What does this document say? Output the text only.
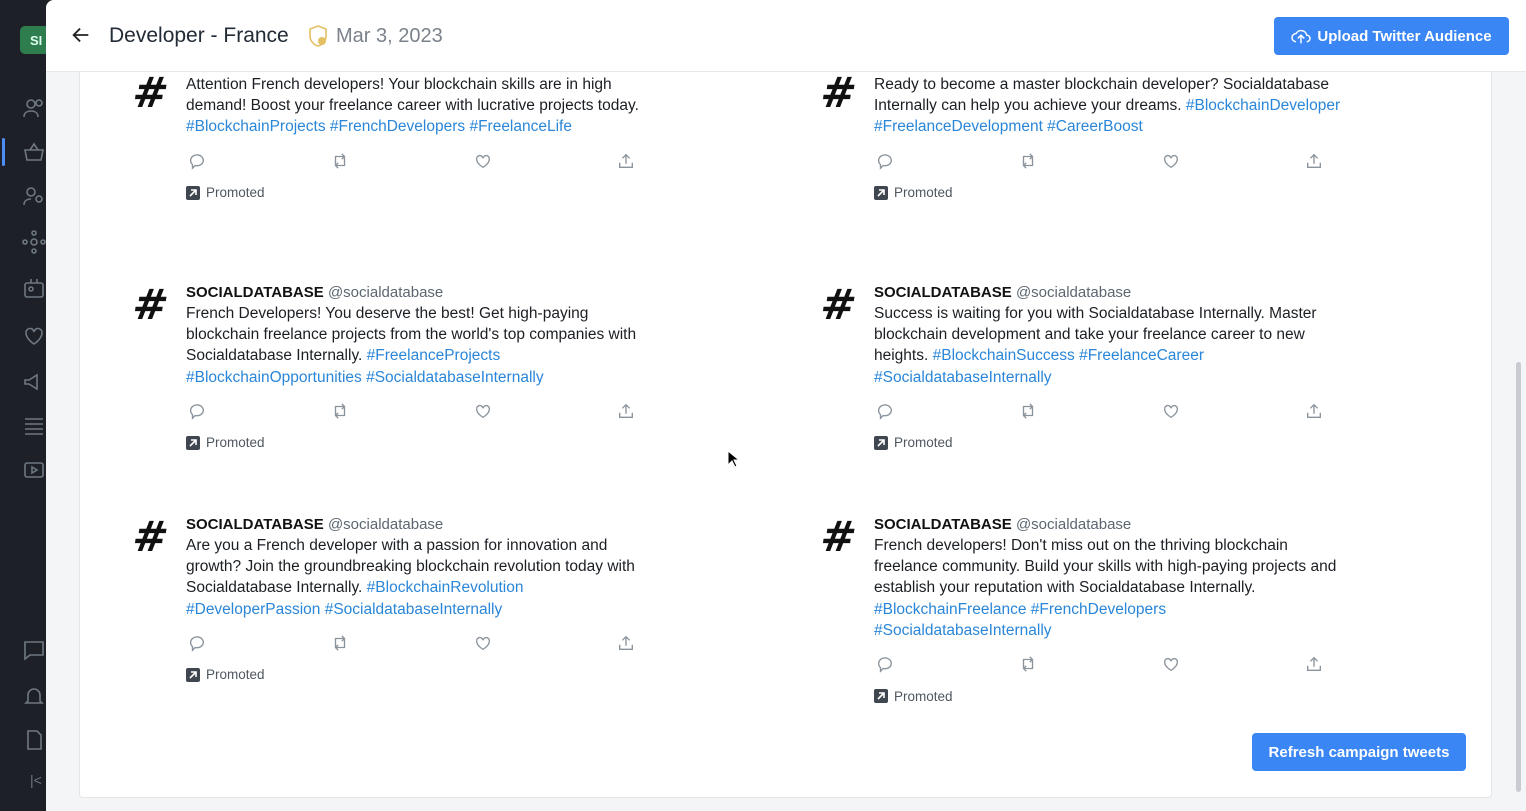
SI
|<
Developer - France Mar 3, 2023	Upload Twitter Audience
# Attention French developers! Your blockchain skills are in high demand! Boost your freelance career with lucrative projects today. #BlockchainProjects #FrenchDevelopers #FreelanceLife
Promoted
# Ready to become a master blockchain developer? Socialdatabase Internally can help you achieve your dreams. #BlockchainDeveloper #FreelanceDevelopment #CareerBoost
Promoted
# SOCIALDATABASE @socialdatabase
French Developers! You deserve the best! Get high-paying blockchain freelance projects from the world's top companies with Socialdatabase Internally. #FreelanceProjects #BlockchainOpportunities #SocialdatabaseInternally
Promoted
# SOCIALDATABASE @socialdatabase
Success is waiting for you with Socialdatabase Internally. Master blockchain development and take your freelance career to new heights. #BlockchainSuccess #FreelanceCareer #SocialdatabaseInternally
Promoted
# SOCIALDATABASE @socialdatabase
Are you a French developer with a passion for innovation and growth? Join the groundbreaking blockchain revolution today with Socialdatabase Internally. #BlockchainRevolution #DeveloperPassion #SocialdatabaseInternally
Promoted
# SOCIALDATABASE @socialdatabase
French developers! Don't miss out on the thriving blockchain freelance community. Build your skills with high-paying projects and establish your reputation with Socialdatabase Internally. #BlockchainFreelance #FrenchDevelopers #SocialdatabaseInternally
Promoted
Refresh campaign tweets
